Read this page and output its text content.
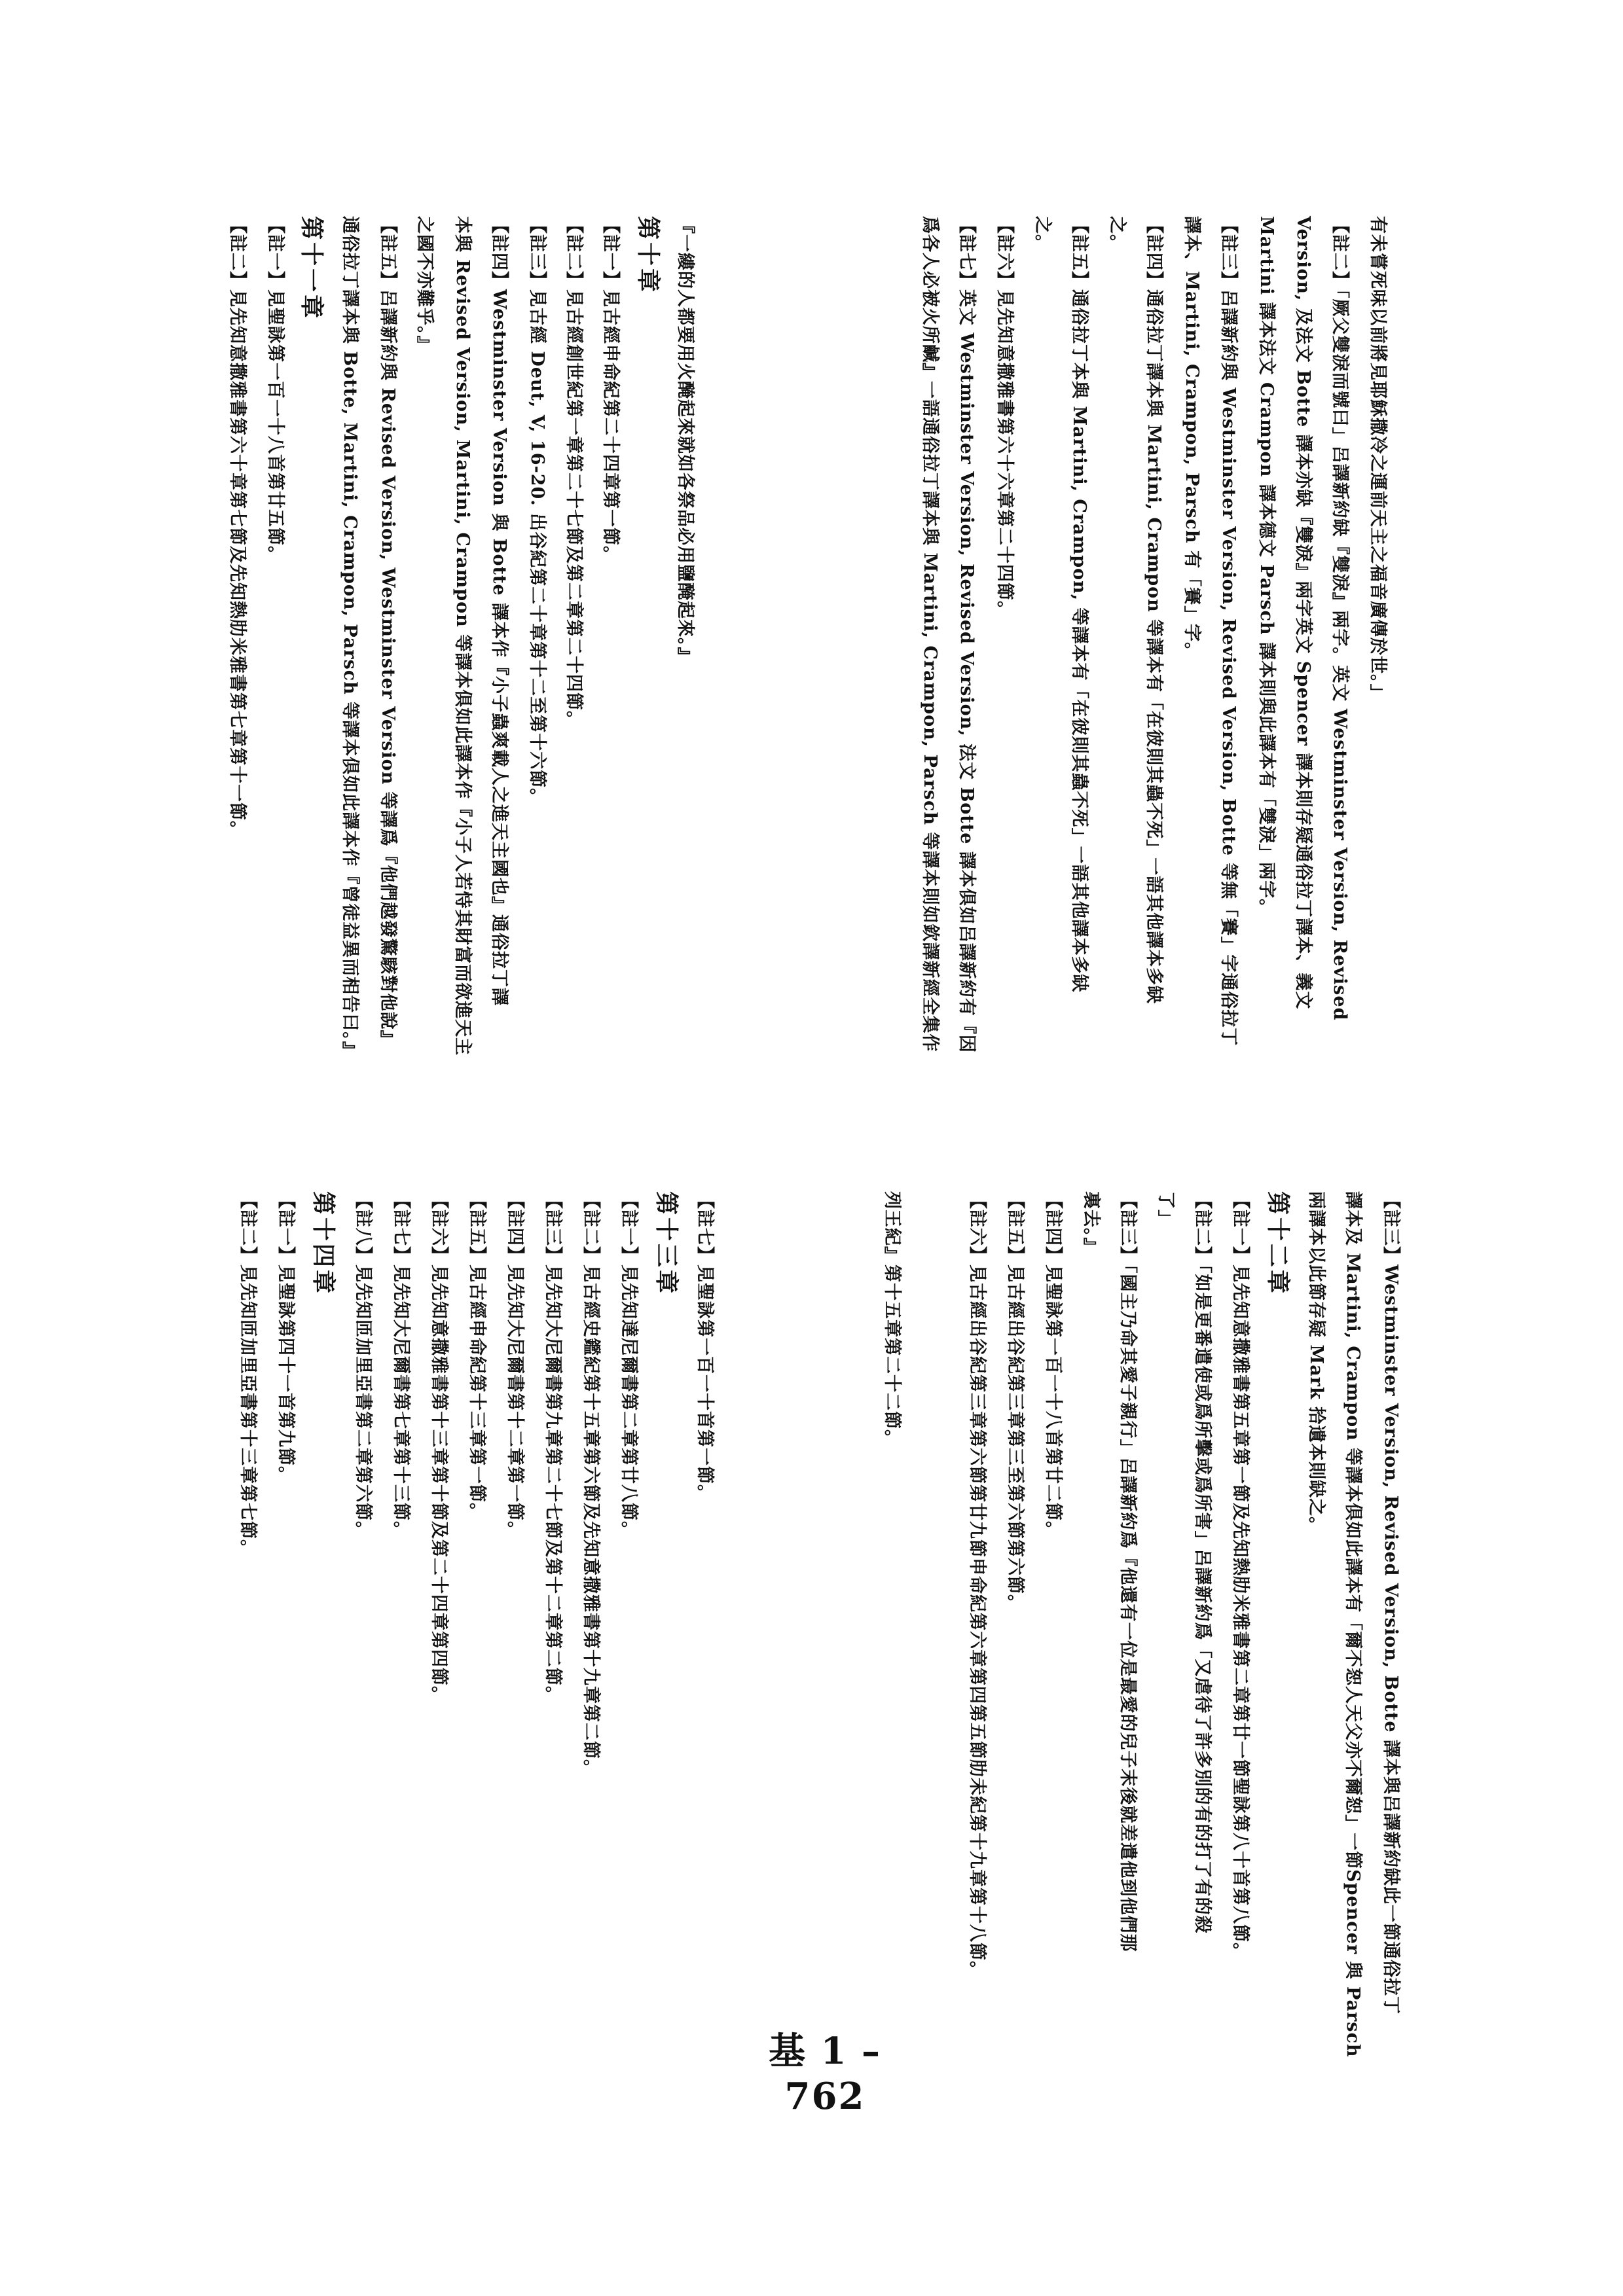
有未嘗死味以前將見耶穌撒冷之運前天主之福音廣傳於世。」
【註二】「厥父雙淚而號曰」呂譯新約缺『雙淚』兩字。英文 Westminster Version, Revised
Version, 及法文 Botte 譯本亦缺『雙淚』兩字英文 Spencer 譯本則存疑通俗拉丁譯本、義文
Martini 譯本法文 Crampon 譯本德文 Parsch 譯本則與此譯本有「雙淚」兩字。
【註三】呂譯新約與 Westminster Version, Revised Version, Botte 等無「賽」字通俗拉丁
譯本、Martini, Crampon, Parsch 有「賽」字。
【註四】通俗拉丁譯本與 Martini, Crampon 等譯本有「在彼則其蟲不死」一語其他譯本多缺
之。
【註五】通俗拉丁本與 Martini, Crampon, 等譯本有「在彼則其蟲不死」一語其他譯本多缺
之。
【註六】見先知意撒雅書第六十六章第二十四節。
【註七】英文 Westminster Version, Revised Version, 法文 Botte 譯本俱如呂譯新約有『因
爲各人必被火所鹹』一語通俗拉丁譯本與 Martini, Crampon, Parsch 等譯本則如欽譯新經全集作
『一縷的人都要用火醃起來就如各祭品必用鹽醃起來。』
第十章
【註一】見古經申命紀第二十四章第一節。
【註二】見古經創世紀第一章第二十七節及第二章第二十四節。
【註三】見古經 Deut, V, 16-20. 出谷紀第二十章第十二至第十六節。
【註四】Westminster Version 與 Botte 譯本作『小子蟲爽載人之進天主國也』通俗拉丁譯
本與 Revised Version, Martini, Crampon 等譯本俱如此譯本作『小子人若恃其財富而欲進天主
之國不亦難乎。』
【註五】呂譯新約與 Revised Version, Westminster Version 等譯爲『他們越發驚駭對他說』
通俗拉丁譯本與 Botte, Martini, Crampon, Parsch 等譯本俱如此譯本作『曾徒益異而相告曰。』
第十一章
【註一】見聖詠第一百一十八首第廿五節。
【註二】見先知意撒雅書第六十章第七節及先知熱肋米雅書第七章第十一節。
【註三】Westminster Version, Revised Version, Botte 譯本與呂譯新約缺此一節通俗拉丁
譯本及 Martini, Crampon 等譯本俱如此譯本有「爾不恕人天父亦不爾恕」一節Spencer 與 Parsch
兩譯本以此節存疑 Mark 拾遺本則缺之。
第十二章
【註一】見先知意撒雅書第五章第一節及先知熱肋米雅書第二章第廿一節聖詠第八十首第八節。
【註二】「如是更番遣使或爲所擊或爲所害」呂譯新約爲「又虐待了許多別的有的打了有的殺
了」
【註三】「國主乃命其愛子親行」呂譯新約爲『他還有一位是最愛的兒子末後就差遣他到他們那
裏去。』
【註四】見聖詠第一百一十八首第廿二節。
【註五】見古經出谷紀第三章第三至第六節第六節。
【註六】見古經出谷紀第三章第六節第廿九節申命紀第六章第四第五節肋未紀第十九章第十八節。
列王紀』第十五章第二十二節。
【註七】見聖詠第一百一十首第一節。
第十三章
【註一】見先知達尼爾書第二章第廿八節。
【註二】見古經史鑑紀第十五章第六節及先知意撒雅書第十九章第二節。
【註三】見先知大尼爾書第九章第二十七節及第十二章第二節。
【註四】見先知大尼爾書第十二章第一節。
【註五】見古經申命紀第十三章第一節。
【註六】見先知意撒雅書第十三章第十節及第二十四章第四節。
【註七】見先知大尼爾書第七章第十三節。
【註八】見先知匝加里亞書第二章第六節。
第十四章
【註一】見聖詠第四十一首第九節。
【註二】見先知匝加里亞書第十三章第七節。
基 1 – 762
